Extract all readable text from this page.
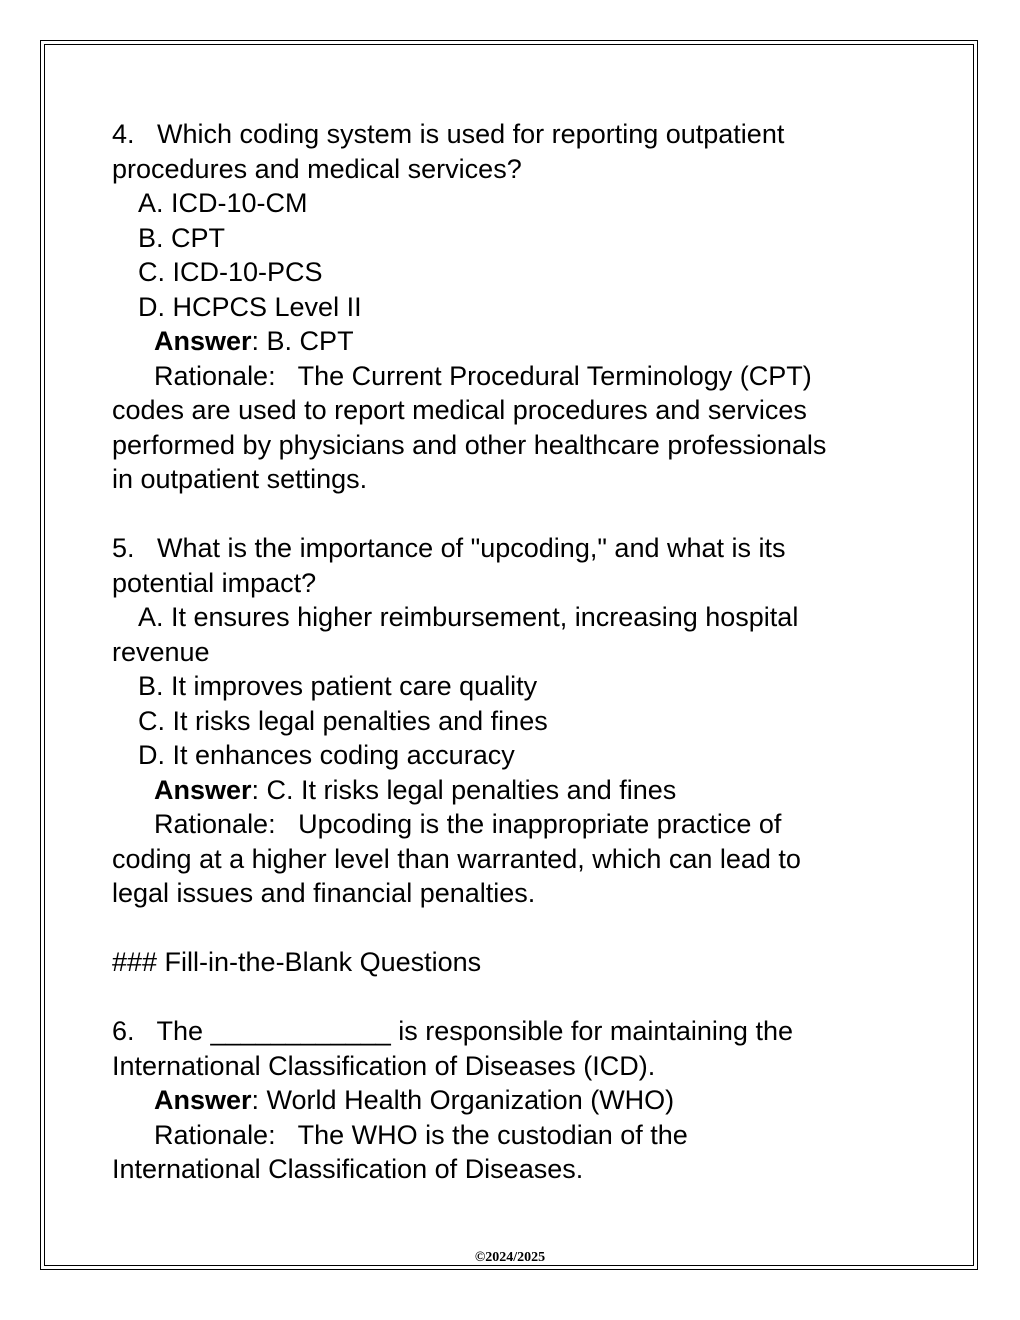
4.   Which coding system is used for reporting outpatient
procedures and medical services?
A. ICD-10-CM
B. CPT
C. ICD-10-PCS
D. HCPCS Level II
Answer: B. CPT
Rationale:   The Current Procedural Terminology (CPT)
codes are used to report medical procedures and services
performed by physicians and other healthcare professionals
in outpatient settings.
5.   What is the importance of "upcoding," and what is its
potential impact?
A. It ensures higher reimbursement, increasing hospital
revenue
B. It improves patient care quality
C. It risks legal penalties and fines
D. It enhances coding accuracy
Answer: C. It risks legal penalties and fines
Rationale:   Upcoding is the inappropriate practice of
coding at a higher level than warranted, which can lead to
legal issues and financial penalties.
### Fill-in-the-Blank Questions
6.   The ____________ is responsible for maintaining the
International Classification of Diseases (ICD).
Answer: World Health Organization (WHO)
Rationale:   The WHO is the custodian of the
International Classification of Diseases.
©2024/2025
